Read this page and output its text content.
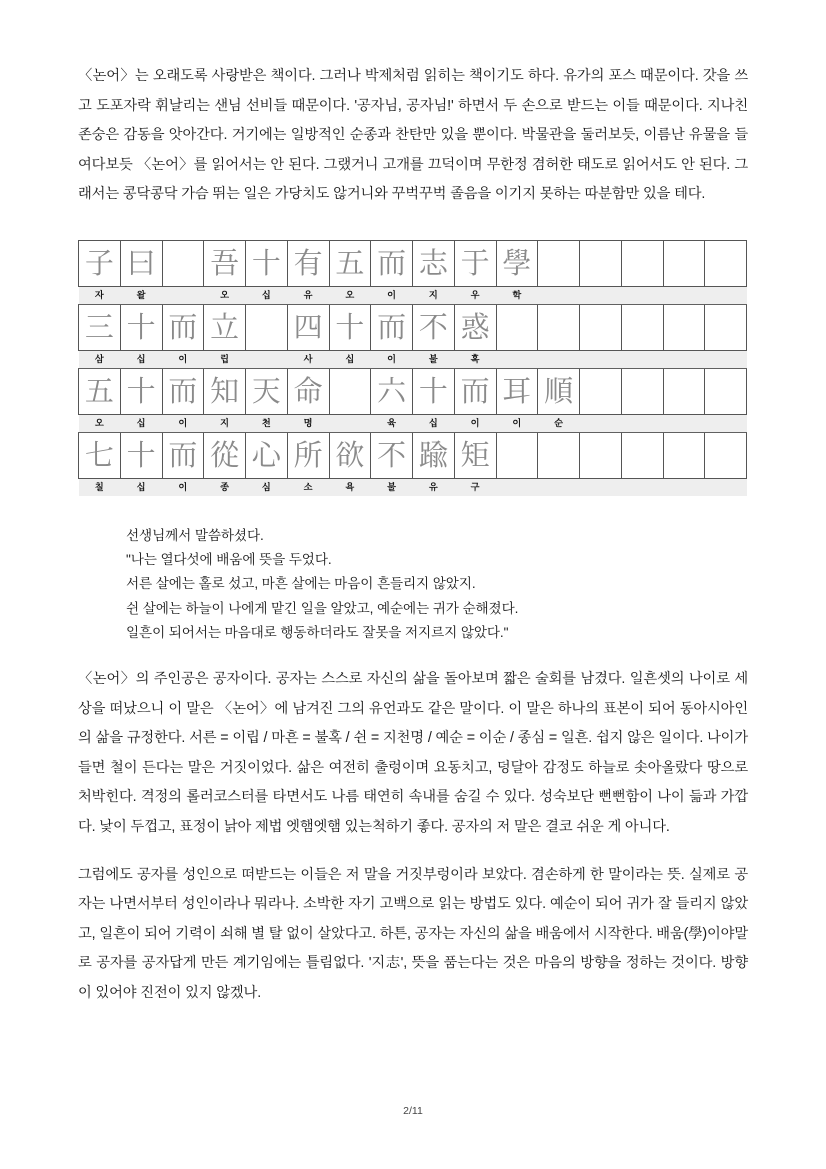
〈논어〉는 오래도록 사랑받은 책이다. 그러나 박제처럼 읽히는 책이기도 하다. 유가의 포스 때문이다. 갓을 쓰고 도포자락 휘날리는 샌님 선비들 때문이다. '공자님, 공자님!' 하면서 두 손으로 받드는 이들 때문이다. 지나친 존숭은 감동을 앗아간다. 거기에는 일방적인 순종과 찬탄만 있을 뿐이다. 박물관을 둘러보듯, 이름난 유물을 들여다보듯 〈논어〉를 읽어서는 안 된다. 그랬거니 고개를 끄덕이며 무한정 겸허한 태도로 읽어서도 안 된다. 그래서는 콩닥콩닥 가슴 뛰는 일은 가당치도 않거니와 꾸벅꾸벅 졸음을 이기지 못하는 따분함만 있을 테다.

子	曰		吾	十	有	五	而	志	于	學					
자	왈		오	십	유	오	이	지	우	학					
三	十	而	立		四	十	而	不	惑						
삼	십	이	립		사	십	이	불	혹						
五	十	而	知	天	命		六	十	而	耳	順				
오	십	이	지	천	명		육	십	이	이	순				
七	十	而	從	心	所	欲	不	踰	矩						
칠	십	이	종	심	소	욕	불	유	구						
선생님께서 말씀하셨다.
"나는 열다섯에 배움에 뜻을 두었다.
서른 살에는 홀로 섰고, 마흔 살에는 마음이 흔들리지 않았지.
쉰 살에는 하늘이 나에게 맡긴 일을 알았고, 예순에는 귀가 순해졌다.
일흔이 되어서는 마음대로 행동하더라도 잘못을 저지르지 않았다."

〈논어〉의 주인공은 공자이다. 공자는 스스로 자신의 삶을 돌아보며 짧은 술회를 남겼다. 일흔셋의 나이로 세상을 떠났으니 이 말은 〈논어〉에 남겨진 그의 유언과도 같은 말이다. 이 말은 하나의 표본이 되어 동아시아인의 삶을 규정한다. 서른 = 이립 / 마흔 = 불혹 / 쉰 = 지천명 / 예순 = 이순 / 종심 = 일흔. 쉽지 않은 일이다. 나이가 들면 철이 든다는 말은 거짓이었다. 삶은 여전히 출렁이며 요동치고, 덩달아 감정도 하늘로 솟아올랐다 땅으로 처박힌다. 격정의 롤러코스터를 타면서도 나름 태연히 속내를 숨길 수 있다. 성숙보단 뻔뻔함이 나이 듦과 가깝다. 낯이 두껍고, 표정이 낡아 제법 엣햄엣햄 있는척하기 좋다. 공자의 저 말은 결코 쉬운 게 아니다.

그럼에도 공자를 성인으로 떠받드는 이들은 저 말을 거짓부렁이라 보았다. 겸손하게 한 말이라는 뜻. 실제로 공자는 나면서부터 성인이라나 뭐라나. 소박한 자기 고백으로 읽는 방법도 있다. 예순이 되어 귀가 잘 들리지 않았고, 일흔이 되어 기력이 쇠해 별 탈 없이 살았다고. 하튼, 공자는 자신의 삶을 배움에서 시작한다. 배움(學)이야말로 공자를 공자답게 만든 계기임에는 틀림없다. '지志', 뜻을 품는다는 것은 마음의 방향을 정하는 것이다. 방향이 있어야 진전이 있지 않겠나.

2/11
